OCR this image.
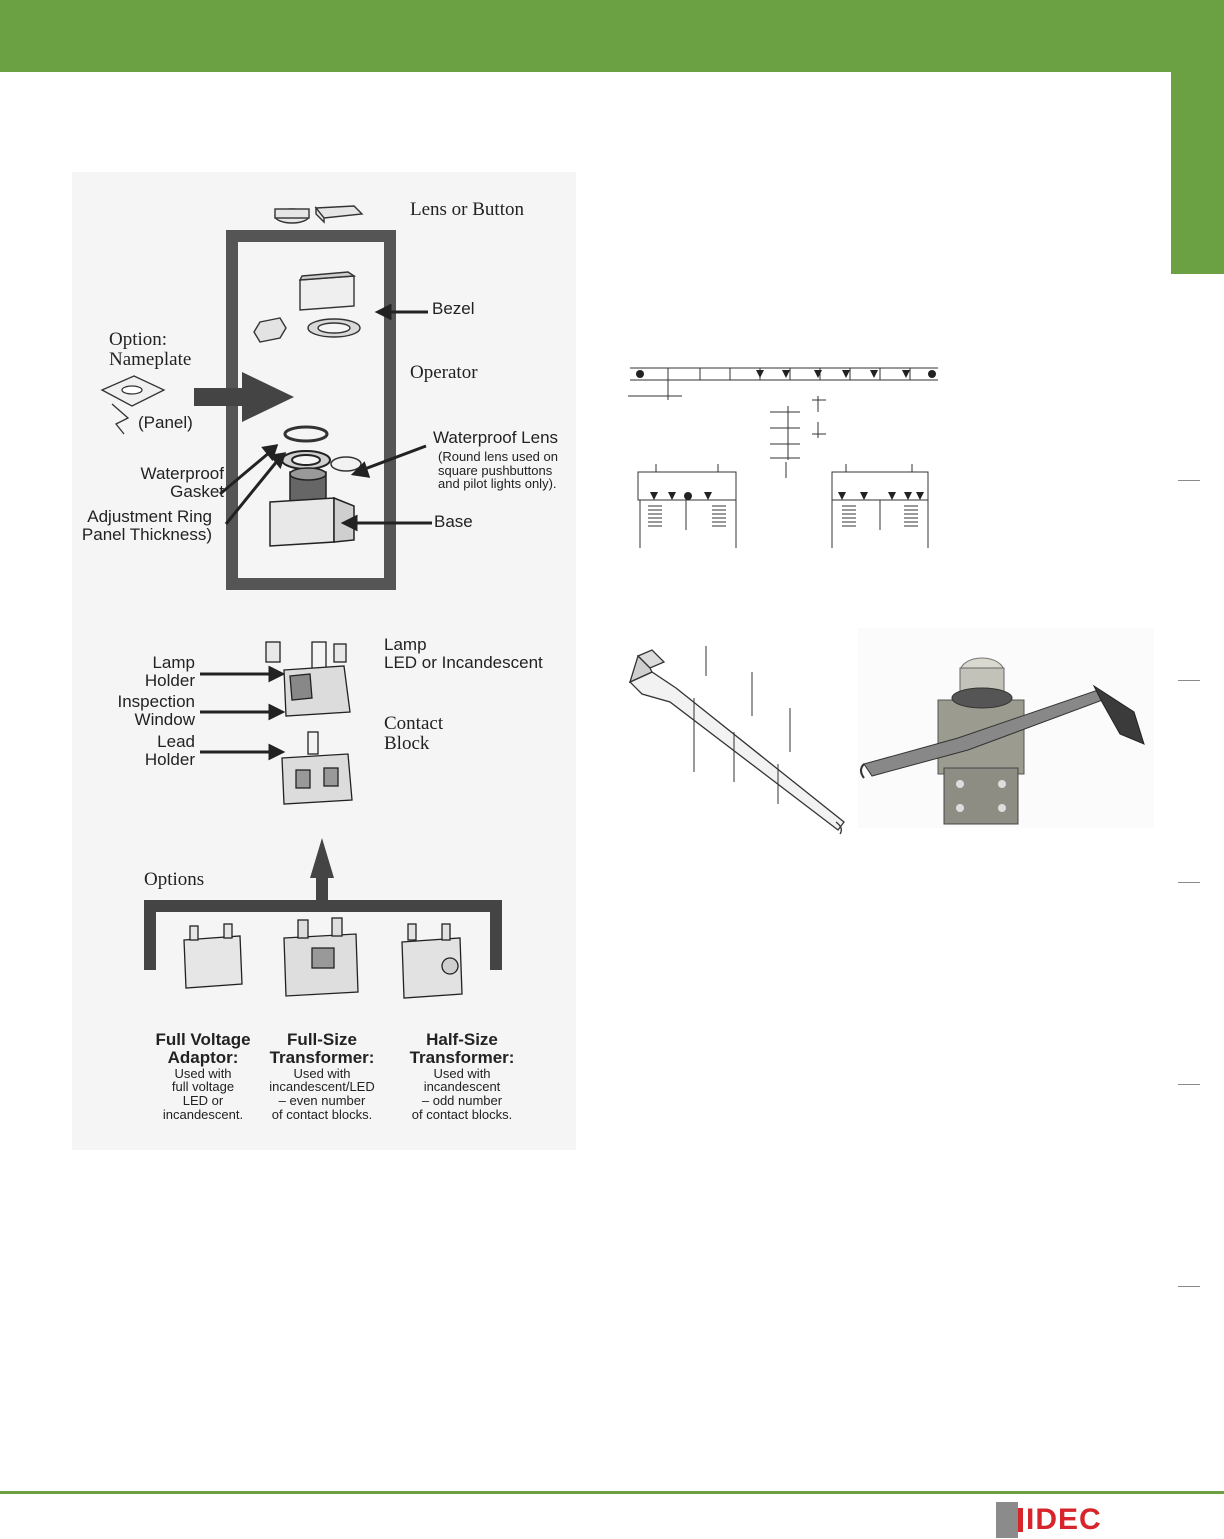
Lens or Button
Bezel
Option:
Nameplate
(Panel)
Operator
Waterproof
Gasket
Waterproof Lens
(Round lens used on
square pushbuttons
and pilot lights only).
Adjustment Ring
Panel Thickness)
Base
Lamp
Holder
Lamp
LED or Incandescent
Inspection
Window	Contact
Block
Lead
Holder
Options
Full Voltage
Adaptor:
Used with
full voltage
LED or
incandescent.
Full-Size
Transformer:
Used with
incandescent/LED
– even number
of contact blocks.
Half-Size
Transformer:
Used with
incandescent
– odd number
of contact blocks.
IDEC
